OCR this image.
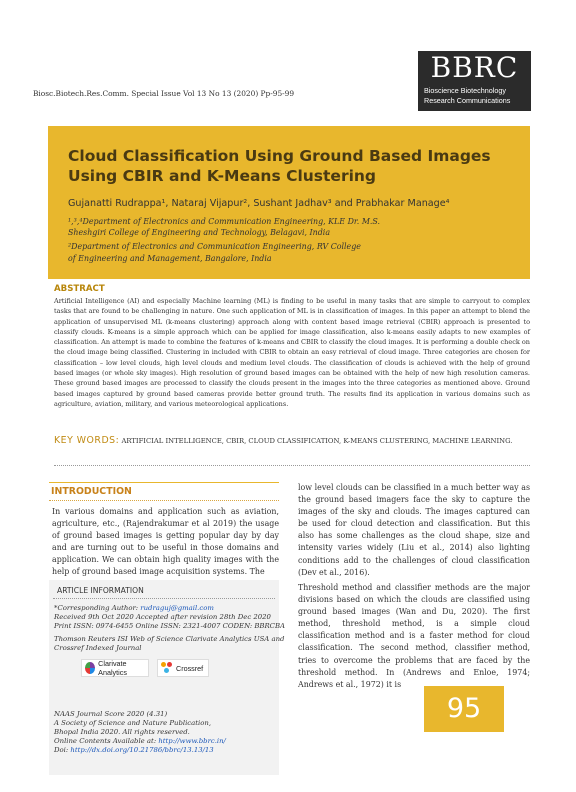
Biosc.Biotech.Res.Comm. Special Issue Vol 13 No 13 (2020) Pp-95-99
BBRC
Bioscience Biotechnology
Research Communications
Cloud Classification Using Ground Based Images
Using CBIR and K-Means Clustering
Gujanatti Rudrappa¹, Nataraj Vijapur², Sushant Jadhav³ and Prabhakar Manage⁴
¹,³,⁴Department of Electronics and Communication Engineering, KLE Dr. M.S.
Sheshgiri College of Engineering and Technology, Belagavi, India
²Department of Electronics and Communication Engineering, RV College
of Engineering and Management, Bangalore, India
ABSTRACT
Artificial Intelligence (AI) and especially Machine learning (ML) is finding to be useful in many tasks that are simple to carryout to complex tasks that are found to be challenging in nature. One such application of ML is in classification of images. In this paper an attempt to blend the application of unsupervised ML (k-means clustering) approach along with content based image retrieval (CBIR) approach is presented to classify clouds. K-means is a simple approach which can be applied for image classification, also k-means easily adapts to new examples of classification. An attempt is made to combine the features of k-means and CBIR to classify the cloud images. It is performing a double check on the cloud image being classified. Clustering in included with CBIR to obtain an easy retrieval of cloud image. Three categories are chosen for classification – low level clouds, high level clouds and medium level clouds. The classification of clouds is achieved with the help of ground based images (or whole sky images). High resolution of ground based images can be obtained with the help of new high resolution cameras. These ground based images are processed to classify the clouds present in the images into the three categories as mentioned above. Ground based images captured by ground based cameras provide better ground truth. The results find its application in various domains such as agriculture, aviation, military, and various meteorological applications.
KEY WORDS: ARTIFICIAL INTELLIGENCE, CBIR, CLOUD CLASSIFICATION, K-MEANS CLUSTERING, MACHINE LEARNING.
INTRODUCTION
In various domains and application such as aviation, agriculture, etc., (Rajendrakumar et al 2019) the usage of ground based images is getting popular day by day and are turning out to be useful in those domains and application. We can obtain high quality images with the help of ground based image acquisition systems. The
low level clouds can be classified in a much better way as the ground based imagers face the sky to capture the images of the sky and clouds. The images captured can be used for cloud detection and classification. But this also has some challenges as the cloud shape, size and intensity varies widely (Liu et al., 2014) also lighting conditions add to the challenges of cloud classification (Dev et al., 2016).
Threshold method and classifier methods are the major divisions based on which the clouds are classified using ground based images (Wan and Du, 2020). The first method, threshold method, is a simple cloud classification method and is a faster method for cloud classification. The second method, classifier method, tries to overcome the problems that are faced by the threshold method. In (Andrews and Enloe, 1974; Andrews et al., 1972) it is
ARTICLE INFORMATION
*Corresponding Author: rudraguj@gmail.com
Received 9th Oct 2020 Accepted after revision 28th Dec 2020
Print ISSN: 0974-6455 Online ISSN: 2321-4007 CODEN: BBRCBA
Thomson Reuters ISI Web of Science Clarivate Analytics USA and
Crossref Indexed Journal
Clarivate Analytics	Crossref
NAAS Journal Score 2020 (4.31)
A Society of Science and Nature Publication,
Bhopal India 2020. All rights reserved.
Online Contents Available at: http://www.bbrc.in/
Doi: http://dx.doi.org/10.21786/bbrc/13.13/13
95
